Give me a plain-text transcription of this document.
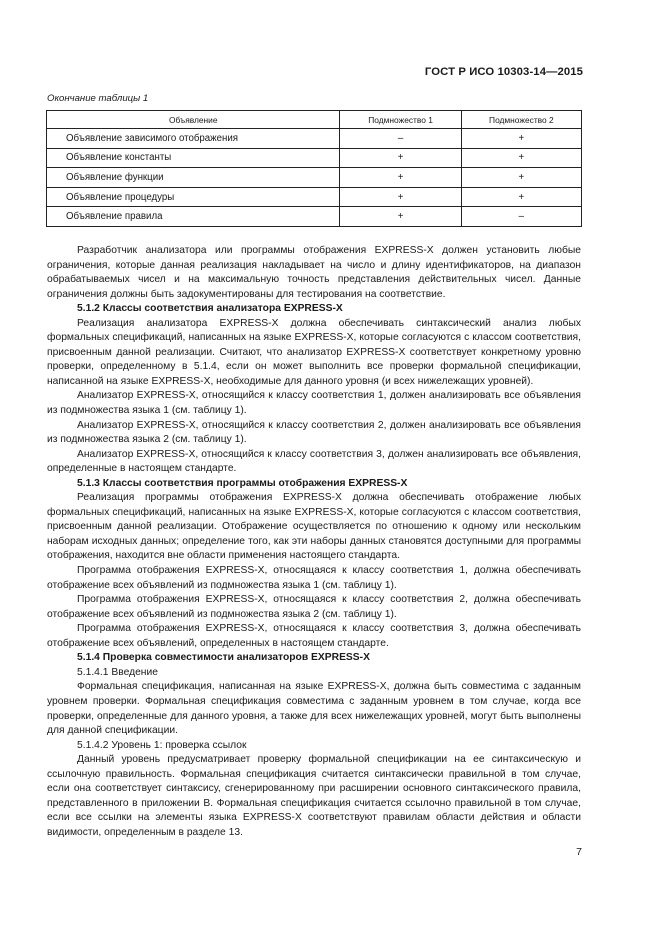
ГОСТ Р ИСО 10303-14—2015
Окончание таблицы 1
Объявление	Подмножество 1	Подмножество 2
Объявление зависимого отображения	–	+
Объявление константы	+	+
Объявление функции	+	+
Объявление процедуры	+	+
Объявление правила	+	–

Разработчик анализатора или программы отображения EXPRESS-X должен установить любые ограничения, которые данная реализация накладывает на число и длину идентификаторов, на диапазон обрабатываемых чисел и на максимальную точность представления действительных чисел. Данные ограничения должны быть задокументированы для тестирования на соответствие.

5.1.2 Классы соответствия анализатора EXPRESS-X

Реализация анализатора EXPRESS-X должна обеспечивать синтаксический анализ любых формальных спецификаций, написанных на языке EXPRESS-X, которые согласуются с классом соответствия, присвоенным данной реализации. Считают, что анализатор EXPRESS-X соответствует конкретному уровню проверки, определенному в 5.1.4, если он может выполнить все проверки формальной спецификации, написанной на языке EXPRESS-X, необходимые для данного уровня (и всех нижележащих уровней).

Анализатор EXPRESS-X, относящийся к классу соответствия 1, должен анализировать все объявления из подмножества языка 1 (см. таблицу 1).

Анализатор EXPRESS-X, относящийся к классу соответствия 2, должен анализировать все объявления из подмножества языка 2 (см. таблицу 1).

Анализатор EXPRESS-X, относящийся к классу соответствия 3, должен анализировать все объявления, определенные в настоящем стандарте.

5.1.3 Классы соответствия программы отображения EXPRESS-X

Реализация программы отображения EXPRESS-X должна обеспечивать отображение любых формальных спецификаций, написанных на языке EXPRESS-X, которые согласуются с классом соответствия, присвоенным данной реализации. Отображение осуществляется по отношению к одному или нескольким наборам исходных данных; определение того, как эти наборы данных становятся доступными для программы отображения, находится вне области применения настоящего стандарта.

Программа отображения EXPRESS-X, относящаяся к классу соответствия 1, должна обеспечивать отображение всех объявлений из подмножества языка 1 (см. таблицу 1).

Программа отображения EXPRESS-X, относящаяся к классу соответствия 2, должна обеспечивать отображение всех объявлений из подмножества языка 2 (см. таблицу 1).

Программа отображения EXPRESS-X, относящаяся к классу соответствия 3, должна обеспечивать отображение всех объявлений, определенных в настоящем стандарте.

5.1.4 Проверка совместимости анализаторов EXPRESS-X

5.1.4.1 Введение

Формальная спецификация, написанная на языке EXPRESS-X, должна быть совместима с заданным уровнем проверки. Формальная спецификация совместима с заданным уровнем в том случае, когда все проверки, определенные для данного уровня, а также для всех нижележащих уровней, могут быть выполнены для данной спецификации.

5.1.4.2 Уровень 1: проверка ссылок

Данный уровень предусматривает проверку формальной спецификации на ее синтаксическую и ссылочную правильность. Формальная спецификация считается синтаксически правильной в том случае, если она соответствует синтаксису, сгенерированному при расширении основного синтаксического правила, представленного в приложении B. Формальная спецификация считается ссылочно правильной в том случае, если все ссылки на элементы языка EXPRESS-X соответствуют правилам области действия и области видимости, определенным в разделе 13.

7
